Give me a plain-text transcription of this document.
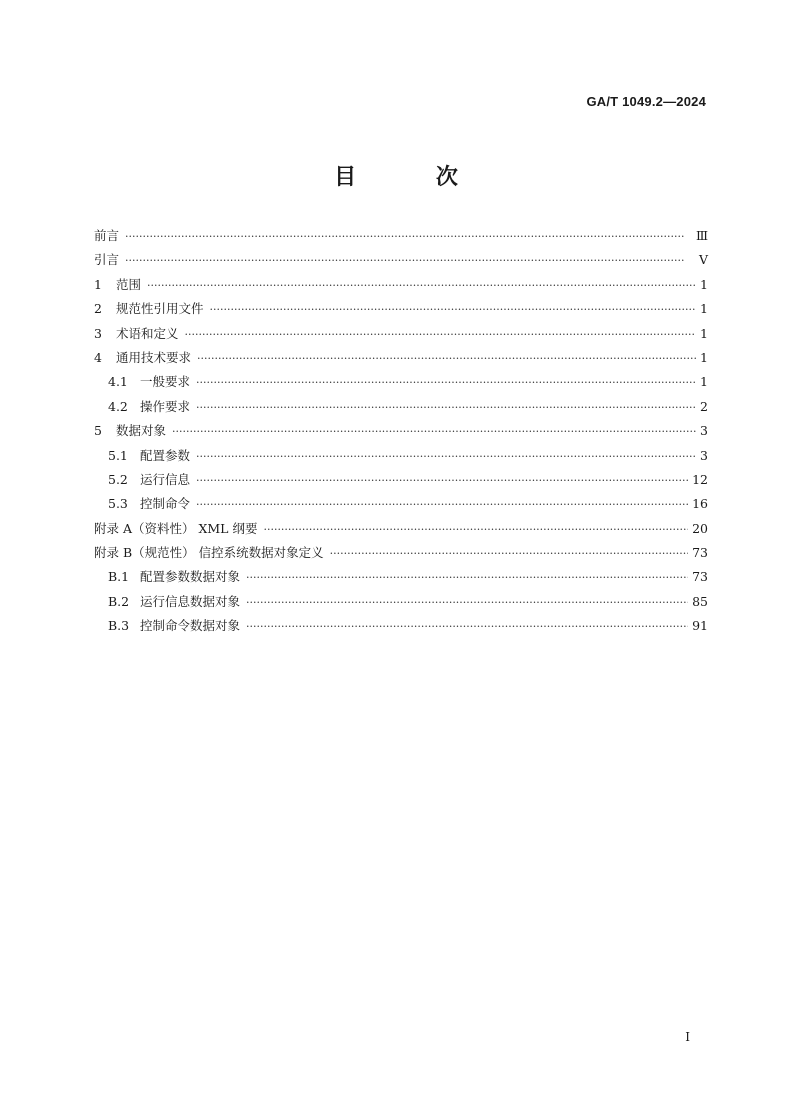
GA/T 1049.2—2024
目 次
前言 ·····	Ⅲ
引言 ·····	Ⅴ
1	范围 ·····	1
2	规范性引用文件 ·····	1
3	术语和定义 ·····	1
4	通用技术要求 ·····	1
4.1 一般要求 ·····	1
4.2 操作要求 ·····	2
5	数据对象 ·····	3
5.1 配置参数 ·····	3
5.2 运行信息 ·····	12
5.3 控制命令 ·····	16
附录 A（资料性） XML 纲要 ·····	20
附录 B（规范性） 信控系统数据对象定义 ·····	73
B.1 配置参数数据对象 ·····	73
B.2 运行信息数据对象 ·····	85
B.3 控制命令数据对象 ·····	91
I
